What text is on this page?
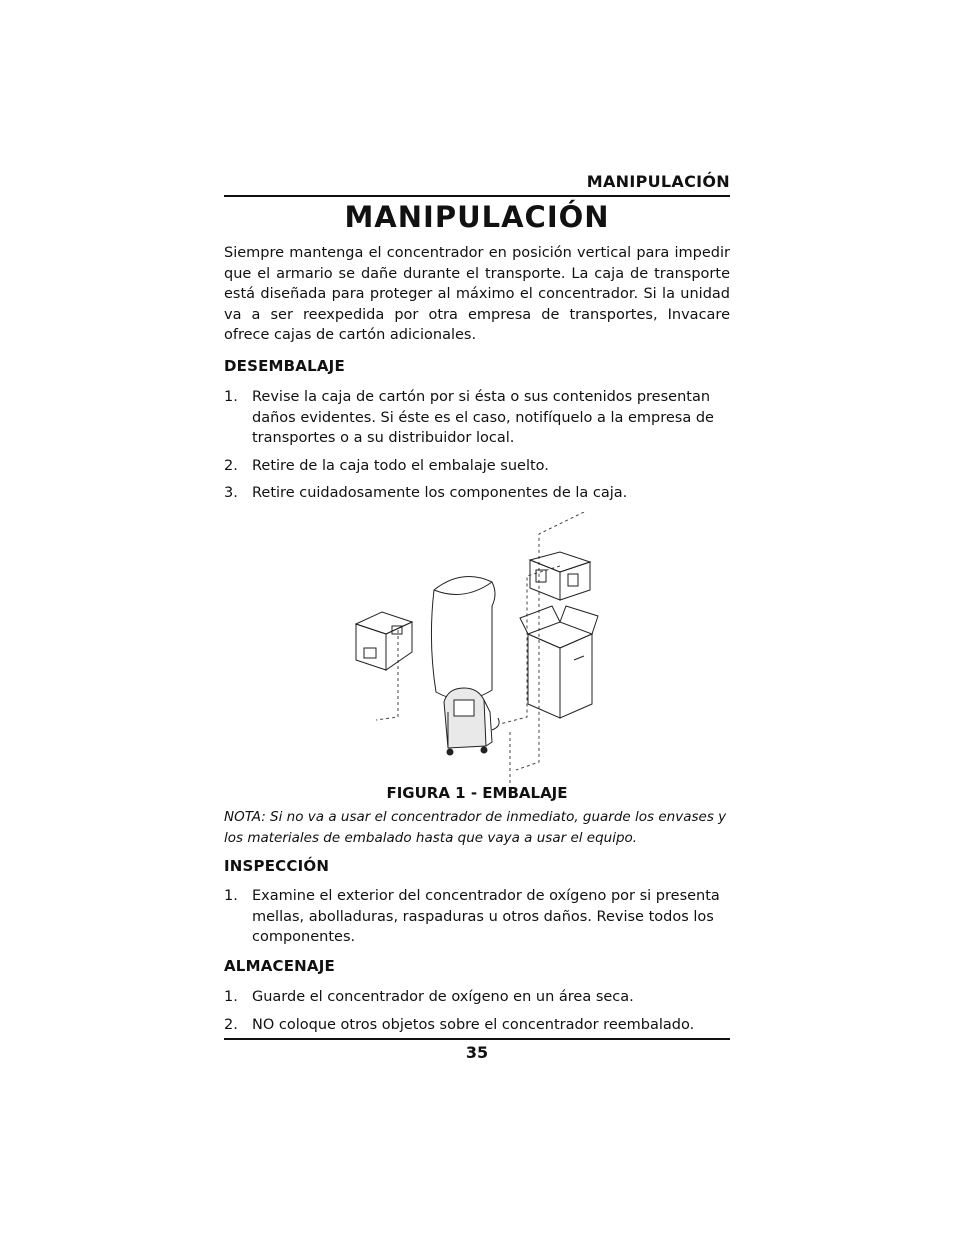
MANIPULACIÓN
MANIPULACIÓN
Siempre mantenga el concentrador en posición vertical para impedir que el armario se dañe durante el transporte. La caja de transporte está diseñada para proteger al máximo el concentrador. Si la unidad va a ser reexpedida por otra empresa de transportes, Invacare ofrece cajas de cartón adicionales.
DESEMBALAJE
1. Revise la caja de cartón por si ésta o sus contenidos presentan daños evidentes. Si éste es el caso, notifíquelo a la empresa de transportes o a su distribuidor local.
2. Retire de la caja todo el embalaje suelto.
3. Retire cuidadosamente los componentes de la caja.
FIGURA 1 - EMBALAJE
NOTA: Si no va a usar el concentrador de inmediato, guarde los envases y los materiales de embalado hasta que vaya a usar el equipo.
INSPECCIÓN
1. Examine el exterior del concentrador de oxígeno por si presenta mellas, abolladuras, raspaduras u otros daños. Revise todos los componentes.
ALMACENAJE
1. Guarde el concentrador de oxígeno en un área seca.
2. NO coloque otros objetos sobre el concentrador reembalado.
35
